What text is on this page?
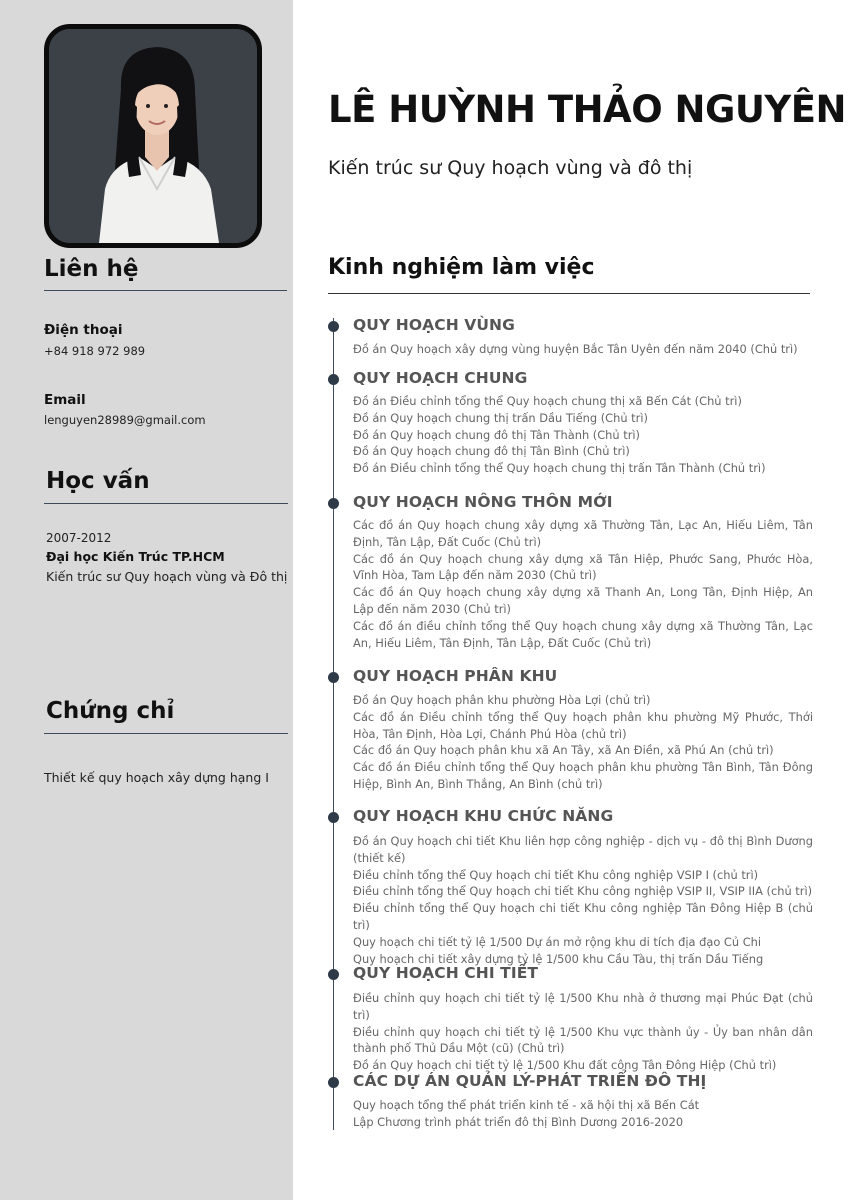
Liên hệ
Điện thoại
+84 918 972 989
Email
lenguyen28989@gmail.com
Học vấn
2007-2012
Đại học Kiến Trúc TP.HCM
Kiến trúc sư Quy hoạch vùng và Đô thị
Chứng chỉ
Thiết kế quy hoạch xây dựng hạng I
LÊ HUỲNH THẢO NGUYÊN
Kiến trúc sư Quy hoạch vùng và đô thị
Kinh nghiệm làm việc
QUY HOẠCH VÙNG
Đồ án Quy hoạch xây dựng vùng huyện Bắc Tân Uyên đến năm 2040 (Chủ trì)
QUY HOẠCH CHUNG
Đồ án Điều chỉnh tổng thể Quy hoạch chung thị xã Bến Cát (Chủ trì)
Đồ án Quy hoạch chung thị trấn Dầu Tiếng (Chủ trì)
Đồ án Quy hoạch chung đô thị Tân Thành (Chủ trì)
Đồ án Quy hoạch chung đô thị Tân Bình (Chủ trì)
Đồ án Điều chỉnh tổng thể Quy hoạch chung thị trấn Tân Thành (Chủ trì)
QUY HOẠCH NÔNG THÔN MỚI
Các đồ án Quy hoạch chung xây dựng xã Thường Tân, Lạc An, Hiếu Liêm, Tân Định, Tân Lập, Đất Cuốc (Chủ trì)
Các đồ án Quy hoạch chung xây dựng xã Tân Hiệp, Phước Sang, Phước Hòa, Vĩnh Hòa, Tam Lập đến năm 2030 (Chủ trì)
Các đồ án Quy hoạch chung xây dựng xã Thanh An, Long Tân, Định Hiệp, An Lập đến năm 2030 (Chủ trì)
Các đồ án điều chỉnh tổng thể Quy hoạch chung xây dựng xã Thường Tân, Lạc An, Hiếu Liêm, Tân Định, Tân Lập, Đất Cuốc (Chủ trì)
QUY HOẠCH PHÂN KHU
Đồ án Quy hoạch phân khu phường Hòa Lợi (chủ trì)
Các đồ án Điều chỉnh tổng thể Quy hoạch phân khu phường Mỹ Phước, Thới Hòa, Tân Định, Hòa Lợi, Chánh Phú Hòa (chủ trì)
Các đồ án Quy hoạch phân khu xã An Tây, xã An Điền, xã Phú An (chủ trì)
Các đồ án Điều chỉnh tổng thể Quy hoạch phân khu phường Tân Bình, Tân Đông Hiệp, Bình An, Bình Thắng, An Bình (chủ trì)
QUY HOẠCH KHU CHỨC NĂNG
Đồ án Quy hoạch chi tiết Khu liên hợp công nghiệp - dịch vụ - đô thị Bình Dương (thiết kế)
Điều chỉnh tổng thể Quy hoạch chi tiết Khu công nghiệp VSIP I (chủ trì)
Điều chỉnh tổng thể Quy hoạch chi tiết Khu công nghiệp VSIP II, VSIP IIA (chủ trì)
Điều chỉnh tổng thể Quy hoạch chi tiết Khu công nghiệp Tân Đông Hiệp B (chủ trì)
Quy hoạch chi tiết tỷ lệ 1/500 Dự án mở rộng khu di tích địa đạo Củ Chi
Quy hoạch chi tiết xây dựng tỷ lệ 1/500 khu Cầu Tàu, thị trấn Dầu Tiếng
QUY HOẠCH CHI TIẾT
Điều chỉnh quy hoạch chi tiết tỷ lệ 1/500 Khu nhà ở thương mại Phúc Đạt (chủ trì)
Điều chỉnh quy hoạch chi tiết tỷ lệ 1/500 Khu vực thành ủy - Ủy ban nhân dân thành phố Thủ Dầu Một (cũ) (Chủ trì)
Đồ án Quy hoạch chi tiết tỷ lệ 1/500 Khu đất công Tân Đông Hiệp (Chủ trì)
CÁC DỰ ÁN QUẢN LÝ-PHÁT TRIỂN ĐÔ THỊ
Quy hoạch tổng thể phát triển kinh tế - xã hội thị xã Bến Cát
Lập Chương trình phát triển đô thị Bình Dương 2016-2020
